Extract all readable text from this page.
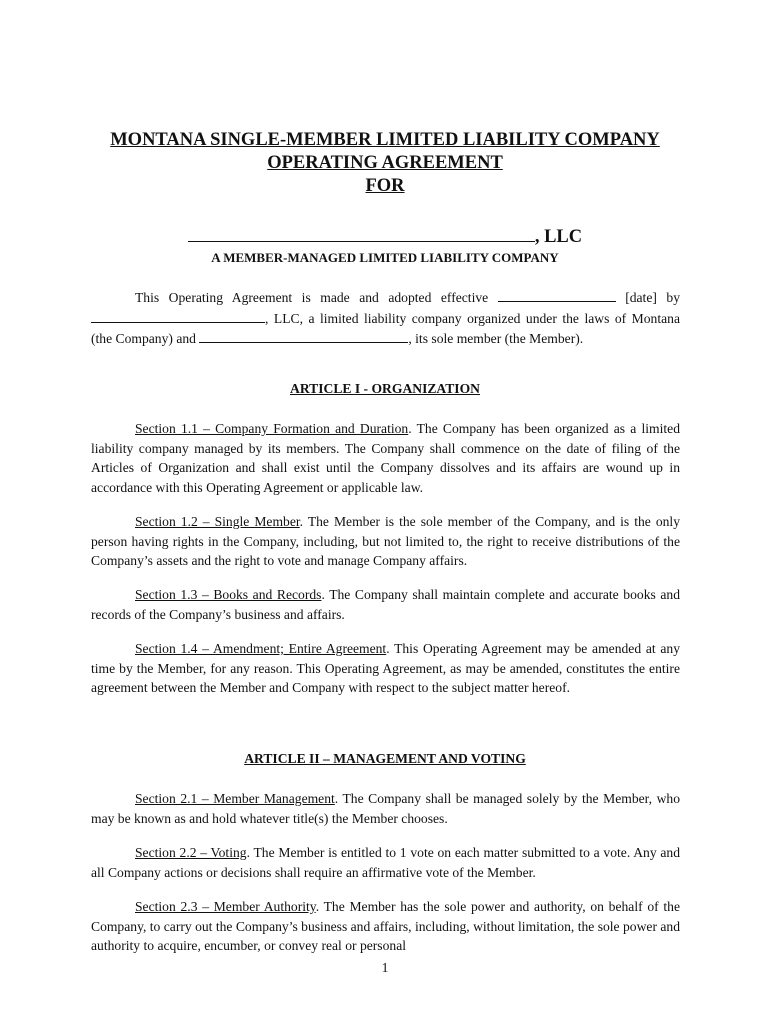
MONTANA SINGLE-MEMBER LIMITED LIABILITY COMPANY
OPERATING AGREEMENT
FOR
, LLC
A MEMBER-MANAGED LIMITED LIABILITY COMPANY
This Operating Agreement is made and adopted effective	[date] by , LLC, a limited liability company organized under the laws of Montana (the Company) and	, its sole member (the Member).
ARTICLE I - ORGANIZATION
Section 1.1 – Company Formation and Duration. The Company has been organized as a limited liability company managed by its members. The Company shall commence on the date of filing of the Articles of Organization and shall exist until the Company dissolves and its affairs are wound up in accordance with this Operating Agreement or applicable law.
Section 1.2 – Single Member. The Member is the sole member of the Company, and is the only person having rights in the Company, including, but not limited to, the right to receive distributions of the Company’s assets and the right to vote and manage Company affairs.
Section 1.3 – Books and Records. The Company shall maintain complete and accurate books and records of the Company’s business and affairs.
Section 1.4 – Amendment; Entire Agreement. This Operating Agreement may be amended at any time by the Member, for any reason. This Operating Agreement, as may be amended, constitutes the entire agreement between the Member and Company with respect to the subject matter hereof.
ARTICLE II – MANAGEMENT AND VOTING
Section 2.1 – Member Management. The Company shall be managed solely by the Member, who may be known as and hold whatever title(s) the Member chooses.
Section 2.2 – Voting. The Member is entitled to 1 vote on each matter submitted to a vote. Any and all Company actions or decisions shall require an affirmative vote of the Member.
Section 2.3 – Member Authority. The Member has the sole power and authority, on behalf of the Company, to carry out the Company’s business and affairs, including, without limitation, the sole power and authority to acquire, encumber, or convey real or personal
1
